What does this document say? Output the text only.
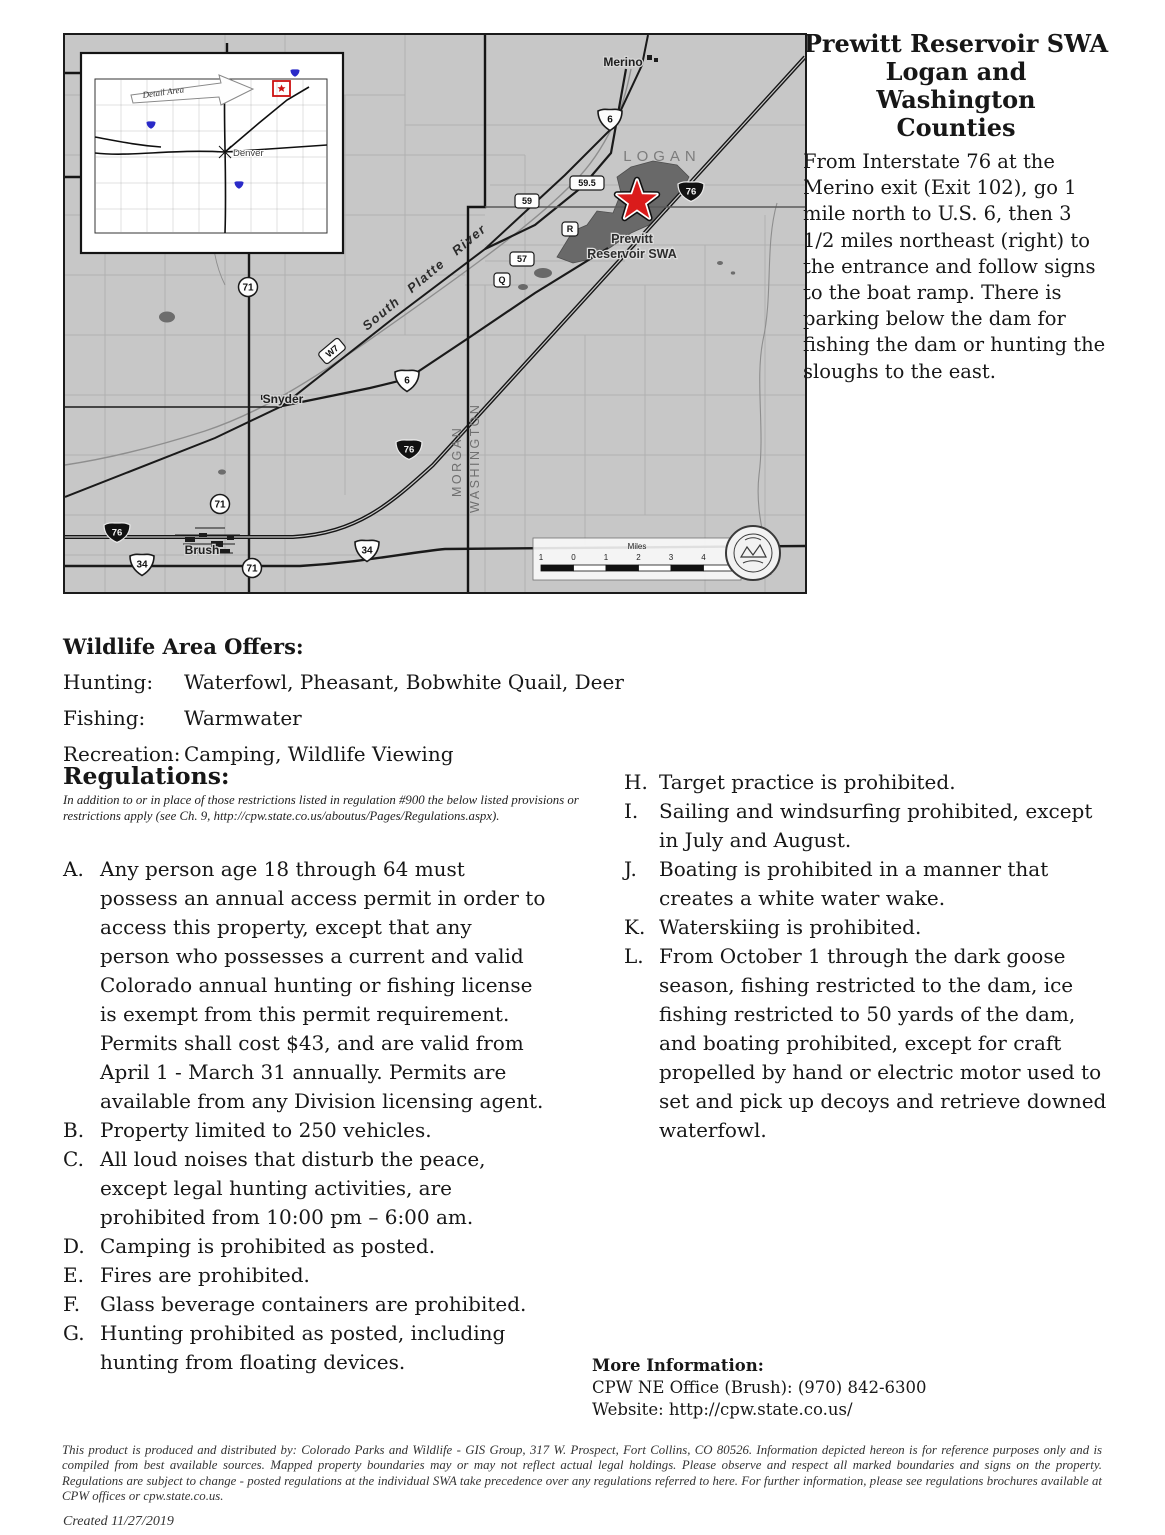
Merino
Snyder
Brush
LOGAN
MORGAN WASHINGTON
South Platte River	Prewitt
Reservoir SWA
6
59.5
59
76
R
57
Q
71
W7
6
76
71
76
34	71
34	Miles
1	0	1	2	3	4
Denver
Detail Area
Prewitt Reservoir SWA
Logan and Washington
Counties

From Interstate 76 at the Merino exit (Exit 102), go 1 mile north to U.S. 6, then 3 1/2 miles northeast (right) to the entrance and follow signs to the boat ramp. There is parking below the dam for fishing the dam or hunting the sloughs to the east.

Wildlife Area Offers:
Hunting:	Waterfowl, Pheasant, Bobwhite Quail, Deer
Fishing:	Warmwater
Recreation: Camping, Wildlife Viewing
Regulations:

In addition to or in place of those restrictions listed in regulation #900 the below listed provisions or restrictions apply (see Ch. 9, http://cpw.state.co.us/aboutus/Pages/Regulations.aspx).

A. Any person age 18 through 64 must possess an annual access permit in order to access this property, except that any person who possesses a current and valid Colorado annual hunting or fishing license is exempt from this permit requirement. Permits shall cost $43, and are valid from April 1 - March 31 annually. Permits are available from any Division licensing agent.
B. Property limited to 250 vehicles.
C. All loud noises that disturb the peace, except legal hunting activities, are prohibited from 10:00 pm – 6:00 am.
D. Camping is prohibited as posted.
E. Fires are prohibited.
F. Glass beverage containers are prohibited.
G. Hunting prohibited as posted, including hunting from floating devices.
H. Target practice is prohibited.
I.	Sailing and windsurfing prohibited, except in July and August.
J.	Boating is prohibited in a manner that creates a white water wake.
K. Waterskiing is prohibited.
L. From October 1 through the dark goose season, fishing restricted to the dam, ice fishing restricted to 50 yards of the dam, and boating prohibited, except for craft propelled by hand or electric motor used to set and pick up decoys and retrieve downed waterfowl.
More Information:
CPW NE Office (Brush): (970) 842-6300
Website: http://cpw.state.co.us/
This product is produced and distributed by: Colorado Parks and Wildlife - GIS Group, 317 W. Prospect, Fort Collins, CO 80526. Information depicted hereon is for reference purposes only and is compiled from best available sources. Mapped property boundaries may or may not reflect actual legal holdings. Please observe and respect all marked boundaries and signs on the property. Regulations are subject to change - posted regulations at the individual SWA take precedence over any regulations referred to here. For further information, please see regulations brochures available at CPW offices or cpw.state.co.us.
Created 11/27/2019
